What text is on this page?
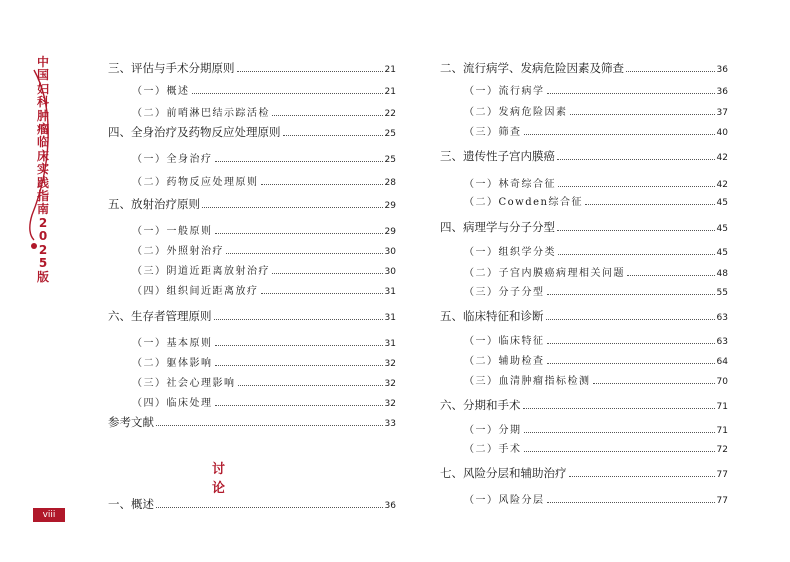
中国妇科肿瘤临床实践指南2025版
viii
三、评估与手术分期原则	21
（一）概述	21
（二）前哨淋巴结示踪活检	22
四、全身治疗及药物反应处理原则	25
（一）全身治疗	25
（二）药物反应处理原则	28
五、放射治疗原则	29
（一）一般原则	29
（二）外照射治疗	30
（三）阴道近距离放射治疗	30
（四）组织间近距离放疗	31
六、生存者管理原则	31
（一）基本原则	31
（二）躯体影响	32
（三）社会心理影响	32
（四）临床处理	32
参考文献	33
一、概述	36
二、流行病学、发病危险因素及筛查	36
（一）流行病学	36
（二）发病危险因素	37
（三）筛查	40
三、遗传性子宫内膜癌	42
（一）林奇综合征	42
（二）Cowden综合征	45
四、病理学与分子分型	45
（一）组织学分类	45
（二）子宫内膜癌病理相关问题	48
（三）分子分型	55
五、临床特征和诊断	63
（一）临床特征	63
（二）辅助检查	64
（三）血清肿瘤指标检测	70
六、分期和手术	71
（一）分期	71
（二）手术	72
七、风险分层和辅助治疗	77
（一）风险分层	77
讨　论
